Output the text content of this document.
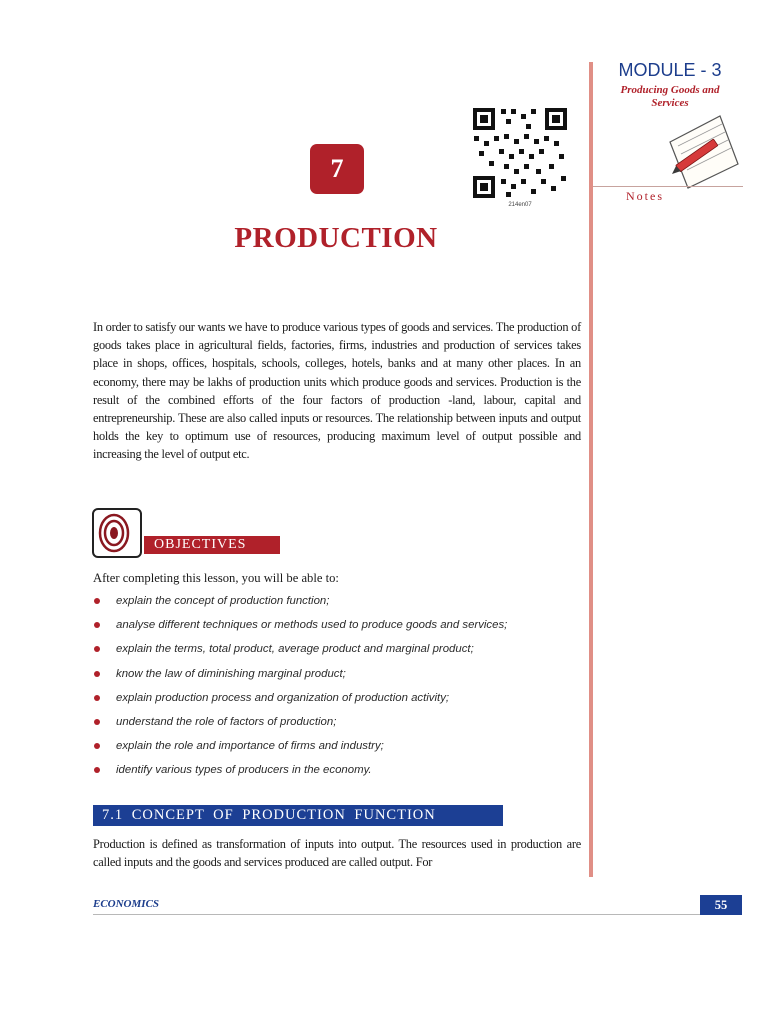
MODULE - 3
Producing Goods and Services
Notes
7
214en07
PRODUCTION

In order to satisfy our wants we have to produce various types of goods and services. The production of goods takes place in agricultural fields, factories, firms, industries and production of services takes place in shops, offices, hospitals, schools, colleges, hotels, banks and at many other places. In an economy, there may be lakhs of production units which produce goods and services. Production is the result of the combined efforts of the four factors of production -land, labour, capital and entrepreneurship. These are also called inputs or resources. The relationship between inputs and output holds the key to optimum use of resources, producing maximum level of output possible and increasing the level of output etc.

OBJECTIVES
After completing this lesson, you will be able to:
explain the concept of production function;
analyse different techniques or methods used to produce goods and services;
explain the terms, total product, average product and marginal product;
know the law of diminishing marginal product;
explain production process and organization of production activity;
understand the role of factors of production;
explain the role and importance of firms and industry;
identify various types of producers in the economy.
7.1 CONCEPT OF PRODUCTION FUNCTION

Production is defined as transformation of inputs into output. The resources used in production are called inputs and the goods and services produced are called output. For

ECONOMICS	55
